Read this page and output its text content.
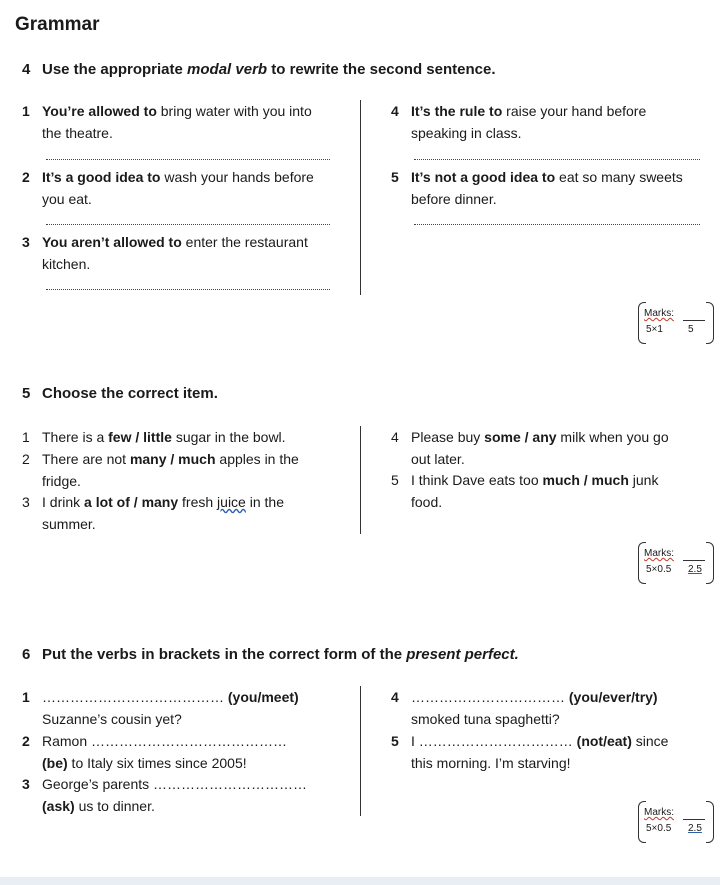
Grammar
4 Use the appropriate modal verb to rewrite the second sentence.
1 You’re allowed to bring water with you into
the theatre.
2 It’s a good idea to wash your hands before
you eat.
3 You aren’t allowed to enter the restaurant
kitchen.
4 It’s the rule to raise your hand before
speaking in class.
5 It’s not a good idea to eat so many sweets
before dinner.
Marks:
5×1	5
5 Choose the correct item.
1 There is a few / little sugar in the bowl.
2 There are not many / much apples in the
fridge.
3 I drink a lot of / many fresh juice in the
summer.
4 Please buy some / any milk when you go
out later.
5 I think Dave eats too much / much junk
food.
Marks:
5×0.5 2.5
6 Put the verbs in brackets in the correct form of the present perfect.
1 ………………………………… (you/meet)
Suzanne’s cousin yet?
2 Ramon ……………………………………
(be) to Italy six times since 2005!
3 George’s parents ……………………………
(ask) us to dinner.
4 …………………………… (you/ever/try)
smoked tuna spaghetti?
5 I …………………………… (not/eat) since
this morning. I’m starving!
Marks:
5×0.5 2.5
